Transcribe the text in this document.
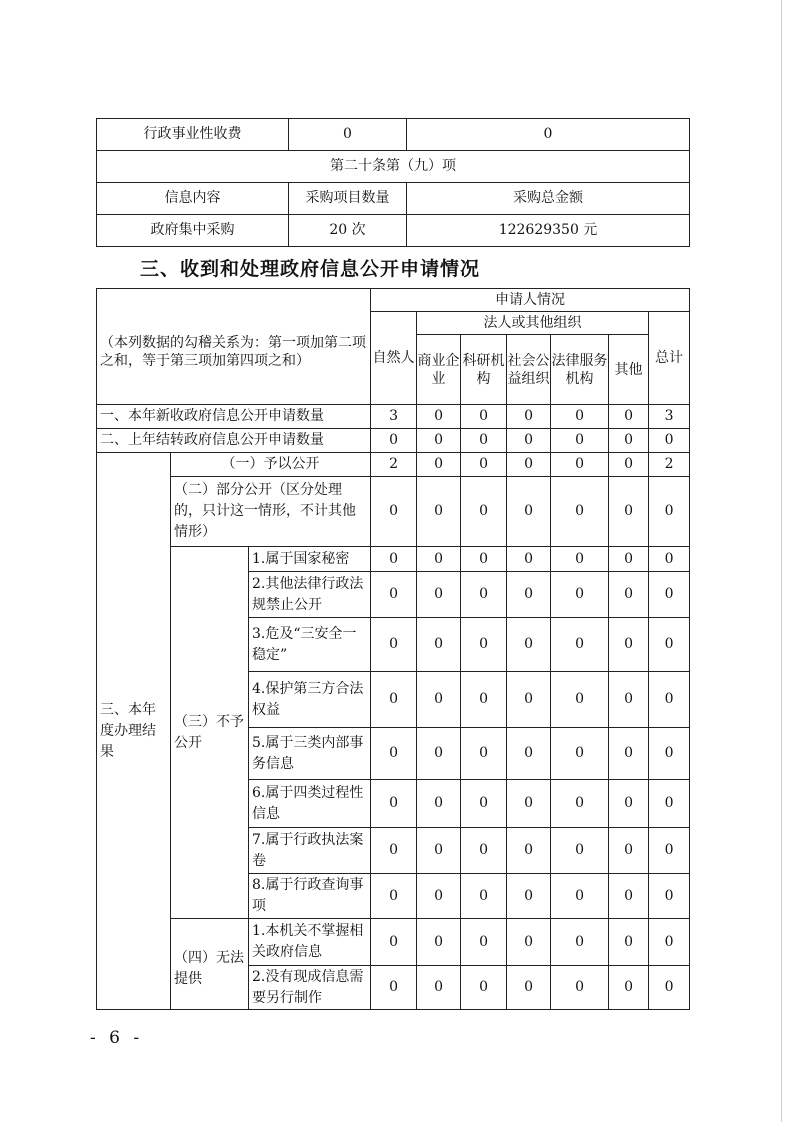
行政事业性收费	0	0
第二十条第（九）项		
信息内容	采购项目数量	采购总金额
政府集中采购	20 次	122629350 元
三、收到和处理政府信息公开申请情况
（本列数据的勾稽关系为：第一项加第二项之和，等于第三项加第四项之和）			申请人情况						
			自然人	法人或其他组织					总计
				商业企业	科研机构	社会公益组织	法律服务机构	其他	
一、本年新收政府信息公开申请数量			3	0	0	0	0	0	3
二、上年结转政府信息公开申请数量			0	0	0	0	0	0	0
三、本年度办理结果	（一）予以公开		2	0	0	0	0	0	2
	（二）部分公开（区分处理的，只计这一情形，不计其他情形）		0	0	0	0	0	0	0
	（三）不予公开	1.属于国家秘密	0	0	0	0	0	0	0
		2.其他法律行政法规禁止公开	0	0	0	0	0	0	0
		3.危及“三安全一稳定”	0	0	0	0	0	0	0
		4.保护第三方合法权益	0	0	0	0	0	0	0
		5.属于三类内部事务信息	0	0	0	0	0	0	0
		6.属于四类过程性信息	0	0	0	0	0	0	0
		7.属于行政执法案卷	0	0	0	0	0	0	0
		8.属于行政查询事项	0	0	0	0	0	0	0
	（四）无法提供	1.本机关不掌握相关政府信息	0	0	0	0	0	0	0
		2.没有现成信息需要另行制作	0	0	0	0	0	0	0
- 6 -
